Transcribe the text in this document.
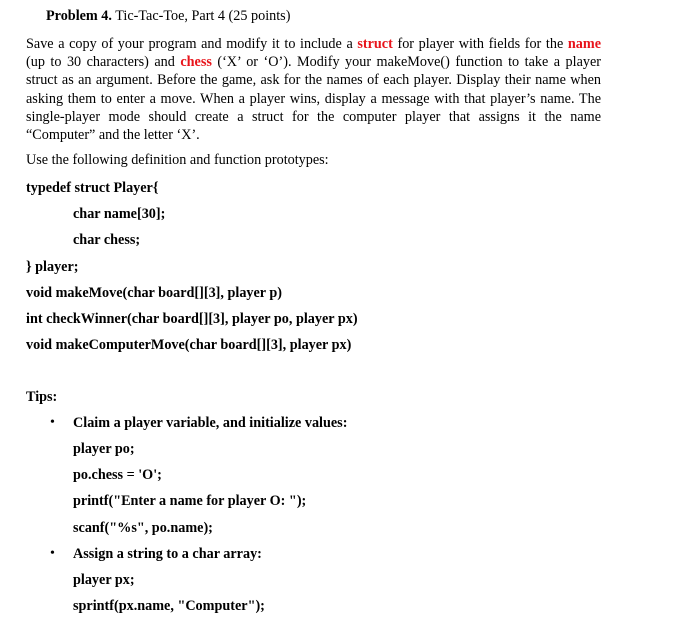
Problem 4. Tic-Tac-Toe, Part 4 (25 points)
Save a copy of your program and modify it to include a struct for player with fields for the name
(up to 30 characters) and chess (‘X’ or ‘O’). Modify your makeMove() function to take a player
struct as an argument. Before the game, ask for the names of each player. Display their name when
asking them to enter a move. When a player wins, display a message with that player’s name. The
single-player mode should create a struct for the computer player that assigns it the name
“Computer” and the letter ‘X’.
Use the following definition and function prototypes:
typedef struct Player{
char name[30];
char chess;
} player;
void makeMove(char board[][3], player p)
int checkWinner(char board[][3], player po, player px)
void makeComputerMove(char board[][3], player px)
Tips:
• Claim a player variable, and initialize values:
player po;
po.chess = 'O';
printf("Enter a name for player O: ");
scanf("%s", po.name);
• Assign a string to a char array:
player px;
sprintf(px.name, "Computer");
